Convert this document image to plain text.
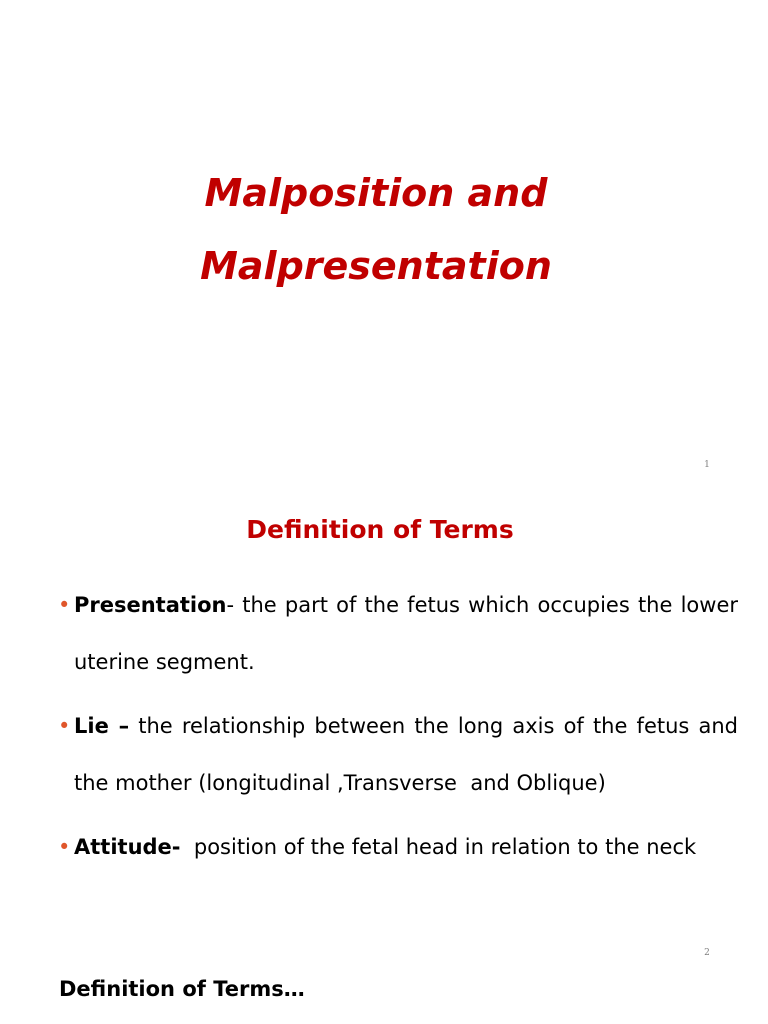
Malposition and
Malpresentation
1
Definition of Terms
• Presentation- the part of the fetus which occupies the lower uterine segment.
• Lie – the relationship between the long axis of the fetus and the mother (longitudinal ,Transverse  and Oblique)
• Attitude-  position of the fetal head in relation to the neck
2
Definition of Terms…
